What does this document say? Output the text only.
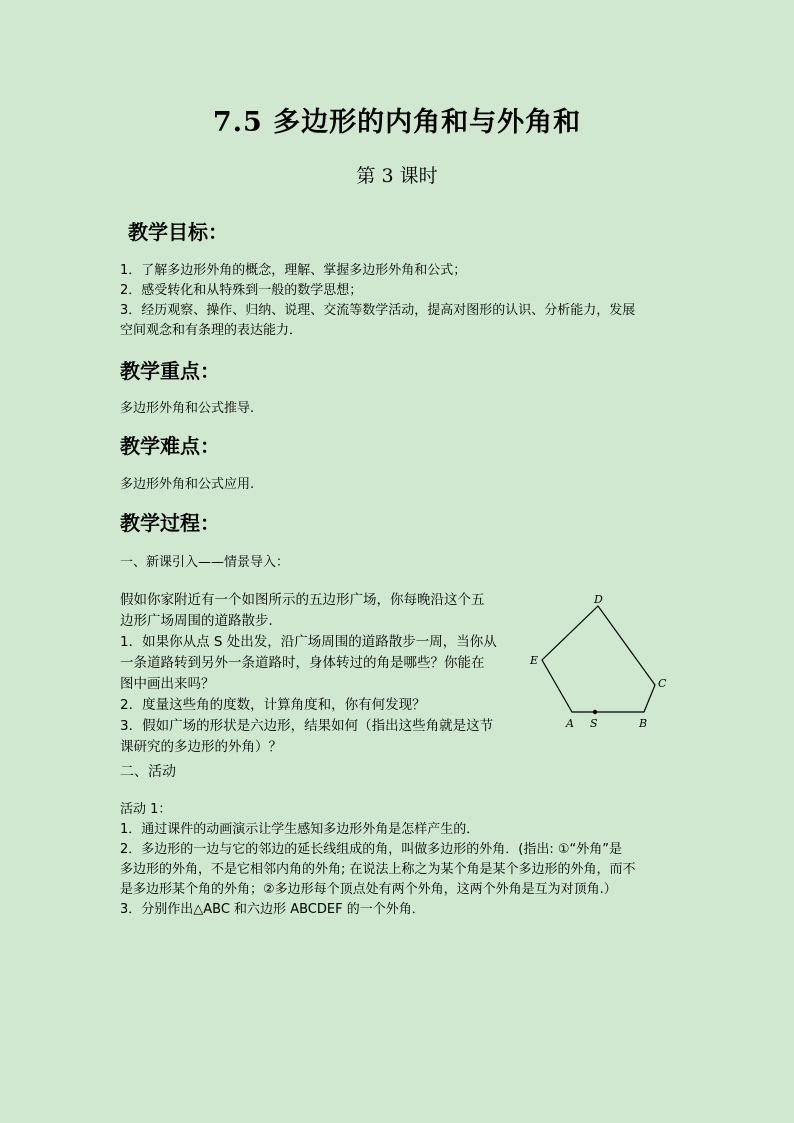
7.5 多边形的内角和与外角和
第 3 课时
教学目标：
1．了解多边形外角的概念，理解、掌握多边形外角和公式；
2．感受转化和从特殊到一般的数学思想；
3．经历观察、操作、归纳、说理、交流等数学活动，提高对图形的认识、分析能力，发展
空间观念和有条理的表达能力．
教学重点：
多边形外角和公式推导.
教学难点：
多边形外角和公式应用.
教学过程：
一、新课引入——情景导入：
假如你家附近有一个如图所示的五边形广场，你每晚沿这个五
边形广场周围的道路散步．
1．如果你从点 S 处出发，沿广场周围的道路散步一周，当你从
一条道路转到另外一条道路时，身体转过的角是哪些？你能在
图中画出来吗？
2．度量这些角的度数，计算角度和，你有何发现？
3．假如广场的形状是六边形，结果如何（指出这些角就是这节
课研究的多边形的外角）？
A S	B
C
D
E
二、活动
活动 1：
1．通过课件的动画演示让学生感知多边形外角是怎样产生的．
2．多边形的一边与它的邻边的延长线组成的角，叫做多边形的外角．(指出: ①“外角”是
多边形的外角，不是它相邻内角的外角; 在说法上称之为某个角是某个多边形的外角，而不
是多边形某个角的外角；②多边形每个顶点处有两个外角，这两个外角是互为对顶角.）
3．分别作出△ABC 和六边形 ABCDEF 的一个外角．
